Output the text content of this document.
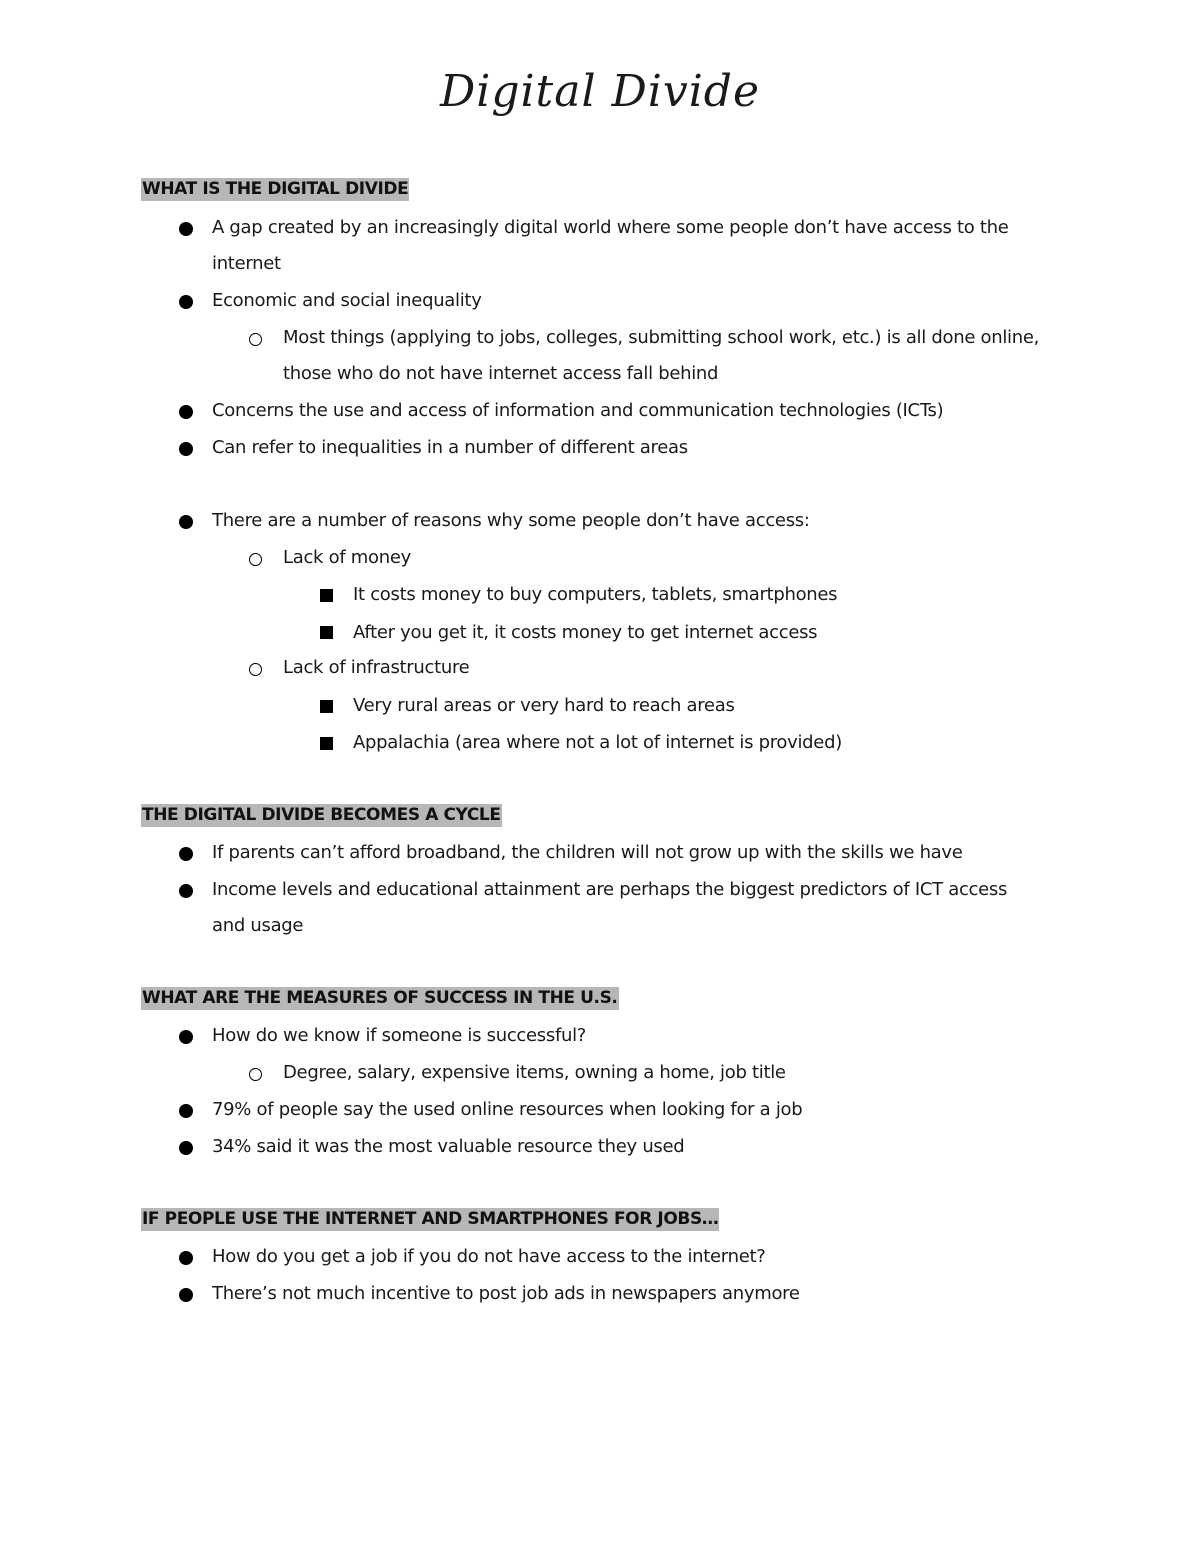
Digital Divide
WHAT IS THE DIGITAL DIVIDE
A gap created by an increasingly digital world where some people don’t have access to the
internet
Economic and social inequality
Most things (applying to jobs, colleges, submitting school work, etc.) is all done online,
those who do not have internet access fall behind
Concerns the use and access of information and communication technologies (ICTs)
Can refer to inequalities in a number of different areas
There are a number of reasons why some people don’t have access:
Lack of money
It costs money to buy computers, tablets, smartphones
After you get it, it costs money to get internet access
Lack of infrastructure
Very rural areas or very hard to reach areas
Appalachia (area where not a lot of internet is provided)
THE DIGITAL DIVIDE BECOMES A CYCLE
If parents can’t afford broadband, the children will not grow up with the skills we have
Income levels and educational attainment are perhaps the biggest predictors of ICT access
and usage
WHAT ARE THE MEASURES OF SUCCESS IN THE U.S.
How do we know if someone is successful?
Degree, salary, expensive items, owning a home, job title
79% of people say the used online resources when looking for a job
34% said it was the most valuable resource they used
IF PEOPLE USE THE INTERNET AND SMARTPHONES FOR JOBS…
How do you get a job if you do not have access to the internet?
There’s not much incentive to post job ads in newspapers anymore
